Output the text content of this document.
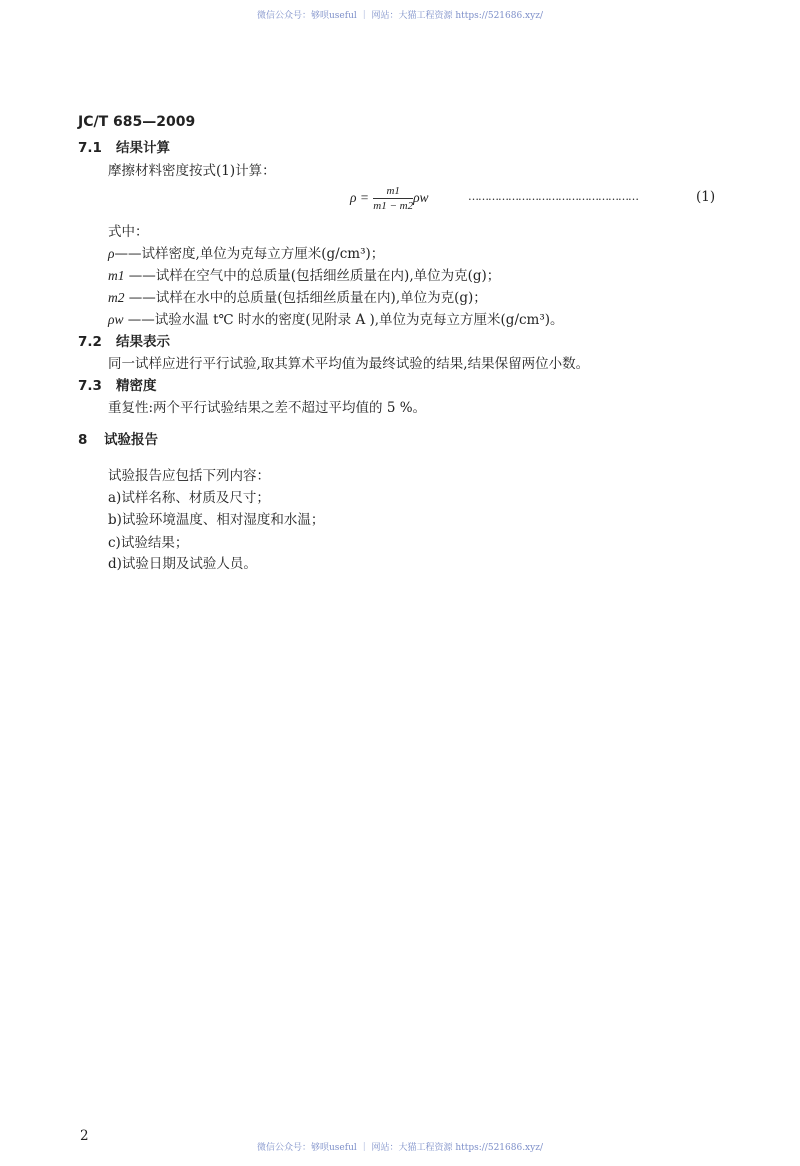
微信公众号：够呗useful ｜ 网站：大猫工程资源 https://521686.xyz/
JC/T 685—2009
7.1 结果计算
摩擦材料密度按式(1)计算：
$\rho = \frac{m1}{m1 - m2}$ ρw	……………………………………………	(1)
式中：
ρ——试样密度,单位为克每立方厘米(g/cm³)；
m1 ——试样在空气中的总质量(包括细丝质量在内),单位为克(g)；
m2 ——试样在水中的总质量(包括细丝质量在内),单位为克(g)；
ρw ——试验水温 t℃ 时水的密度(见附录 A ),单位为克每立方厘米(g/cm³)。
7.2 结果表示
同一试样应进行平行试验,取其算术平均值为最终试验的结果,结果保留两位小数。
7.3 精密度
重复性:两个平行试验结果之差不超过平均值的 5 %。
8 试验报告
试验报告应包括下列内容：
a)试样名称、材质及尺寸；
b)试验环境温度、相对湿度和水温；
c)试验结果；
d)试验日期及试验人员。
2
微信公众号：够呗useful ｜ 网站：大猫工程资源 https://521686.xyz/
